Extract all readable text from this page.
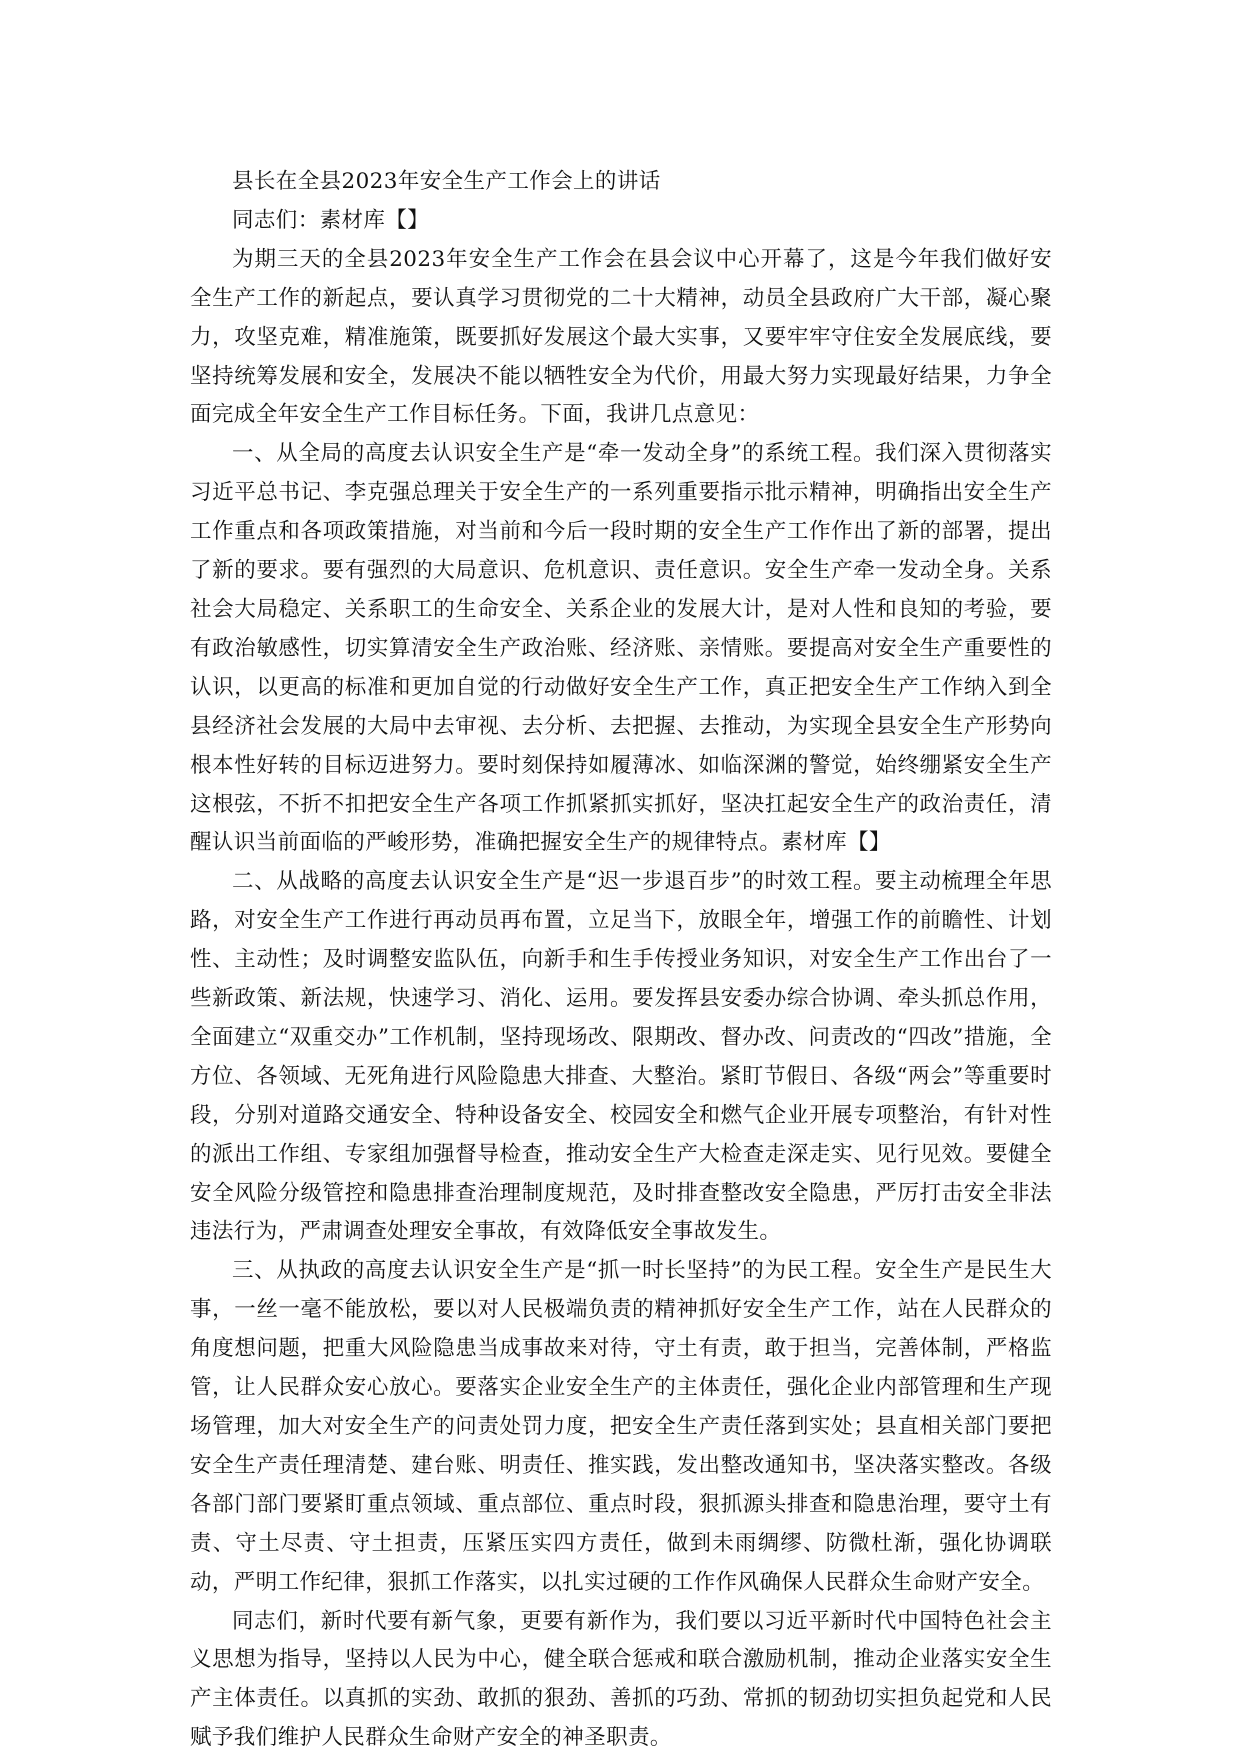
县长在全县2023年安全生产工作会上的讲话

同志们：素材库【】

为期三天的全县2023年安全生产工作会在县会议中心开幕了，这是今年我们做好安全生产工作的新起点，要认真学习贯彻党的二十大精神，动员全县政府广大干部，凝心聚力，攻坚克难，精准施策，既要抓好发展这个最大实事，又要牢牢守住安全发展底线，要坚持统筹发展和安全，发展决不能以牺牲安全为代价，用最大努力实现最好结果，力争全面完成全年安全生产工作目标任务。下面，我讲几点意见：

一、从全局的高度去认识安全生产是“牵一发动全身”的系统工程。我们深入贯彻落实习近平总书记、李克强总理关于安全生产的一系列重要指示批示精神，明确指出安全生产工作重点和各项政策措施，对当前和今后一段时期的安全生产工作作出了新的部署，提出了新的要求。要有强烈的大局意识、危机意识、责任意识。安全生产牵一发动全身。关系社会大局稳定、关系职工的生命安全、关系企业的发展大计，是对人性和良知的考验，要有政治敏感性，切实算清安全生产政治账、经济账、亲情账。要提高对安全生产重要性的认识，以更高的标准和更加自觉的行动做好安全生产工作，真正把安全生产工作纳入到全县经济社会发展的大局中去审视、去分析、去把握、去推动，为实现全县安全生产形势向根本性好转的目标迈进努力。要时刻保持如履薄冰、如临深渊的警觉，始终绷紧安全生产这根弦，不折不扣把安全生产各项工作抓紧抓实抓好，坚决扛起安全生产的政治责任，清醒认识当前面临的严峻形势，准确把握安全生产的规律特点。素材库【】

二、从战略的高度去认识安全生产是“迟一步退百步”的时效工程。要主动梳理全年思路，对安全生产工作进行再动员再布置，立足当下，放眼全年，增强工作的前瞻性、计划性、主动性；及时调整安监队伍，向新手和生手传授业务知识，对安全生产工作出台了一些新政策、新法规，快速学习、消化、运用。要发挥县安委办综合协调、牵头抓总作用，全面建立“双重交办”工作机制，坚持现场改、限期改、督办改、问责改的“四改”措施，全方位、各领域、无死角进行风险隐患大排查、大整治。紧盯节假日、各级“两会”等重要时段，分别对道路交通安全、特种设备安全、校园安全和燃气企业开展专项整治，有针对性的派出工作组、专家组加强督导检查，推动安全生产大检查走深走实、见行见效。要健全安全风险分级管控和隐患排查治理制度规范，及时排查整改安全隐患，严厉打击安全非法违法行为，严肃调查处理安全事故，有效降低安全事故发生。

三、从执政的高度去认识安全生产是“抓一时长坚持”的为民工程。安全生产是民生大事，一丝一毫不能放松，要以对人民极端负责的精神抓好安全生产工作，站在人民群众的角度想问题，把重大风险隐患当成事故来对待，守土有责，敢于担当，完善体制，严格监管，让人民群众安心放心。要落实企业安全生产的主体责任，强化企业内部管理和生产现场管理，加大对安全生产的问责处罚力度，把安全生产责任落到实处；县直相关部门要把安全生产责任理清楚、建台账、明责任、推实践，发出整改通知书，坚决落实整改。各级各部门部门要紧盯重点领域、重点部位、重点时段，狠抓源头排查和隐患治理，要守土有责、守土尽责、守土担责，压紧压实四方责任，做到未雨绸缪、防微杜渐，强化协调联动，严明工作纪律，狠抓工作落实，以扎实过硬的工作作风确保人民群众生命财产安全。

同志们，新时代要有新气象，更要有新作为，我们要以习近平新时代中国特色社会主义思想为指导，坚持以人民为中心，健全联合惩戒和联合激励机制，推动企业落实安全生产主体责任。以真抓的实劲、敢抓的狠劲、善抓的巧劲、常抓的韧劲切实担负起党和人民赋予我们维护人民群众生命财产安全的神圣职责。
